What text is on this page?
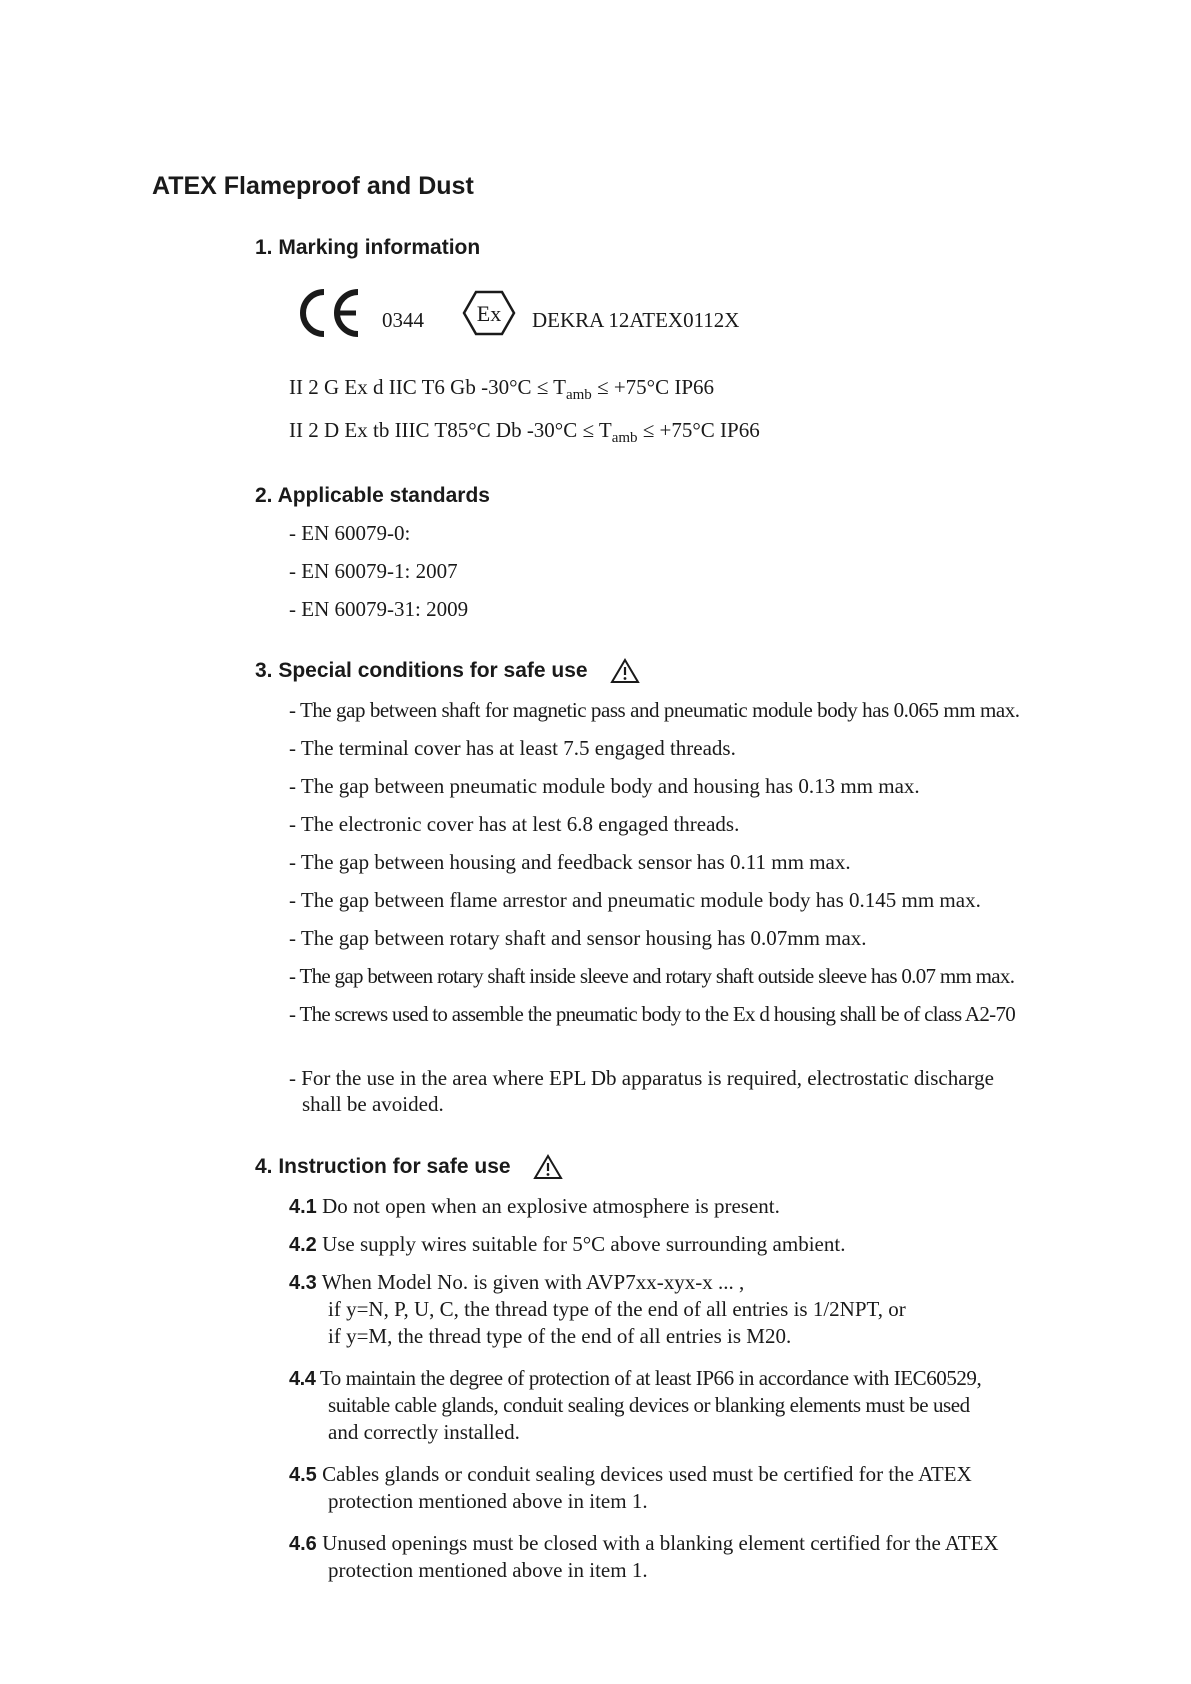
ATEX Flameproof and Dust
1. Marking information
0344 Ex DEKRA 12ATEX0112X
II 2 G Ex d IIC T6 Gb $-30^\circ C \le T_{amb} \le +75^\circ C$ IP66
II 2 D Ex tb IIIC T85°C Db $-30^\circ C \le T_{amb} \le +75^\circ C$ IP66
2. Applicable standards
- EN 60079-0:
- EN 60079-1: 2007
- EN 60079-31: 2009
3. Special conditions for safe use
- The gap between shaft for magnetic pass and pneumatic module body has 0.065 mm max.
- The terminal cover has at least 7.5 engaged threads.
- The gap between pneumatic module body and housing has 0.13 mm max.
- The electronic cover has at lest 6.8 engaged threads.
- The gap between housing and feedback sensor has 0.11 mm max.
- The gap between flame arrestor and pneumatic module body has 0.145 mm max.
- The gap between rotary shaft and sensor housing has 0.07mm max.
- The gap between rotary shaft inside sleeve and rotary shaft outside sleeve has 0.07 mm max.
- The screws used to assemble the pneumatic body to the Ex d housing shall be of class A2-70
- For the use in the area where EPL Db apparatus is required, electrostatic discharge
shall be avoided.
4. Instruction for safe use
4.1 Do not open when an explosive atmosphere is present.
4.2 Use supply wires suitable for 5°C above surrounding ambient.
4.3 When Model No. is given with AVP7xx-xyx-x ... ,
if y=N, P, U, C, the thread type of the end of all entries is 1/2NPT, or
if y=M, the thread type of the end of all entries is M20.
4.4 To maintain the degree of protection of at least IP66 in accordance with IEC60529,
suitable cable glands, conduit sealing devices or blanking elements must be used
and correctly installed.
4.5 Cables glands or conduit sealing devices used must be certified for the ATEX
protection mentioned above in item 1.
4.6 Unused openings must be closed with a blanking element certified for the ATEX
protection mentioned above in item 1.
